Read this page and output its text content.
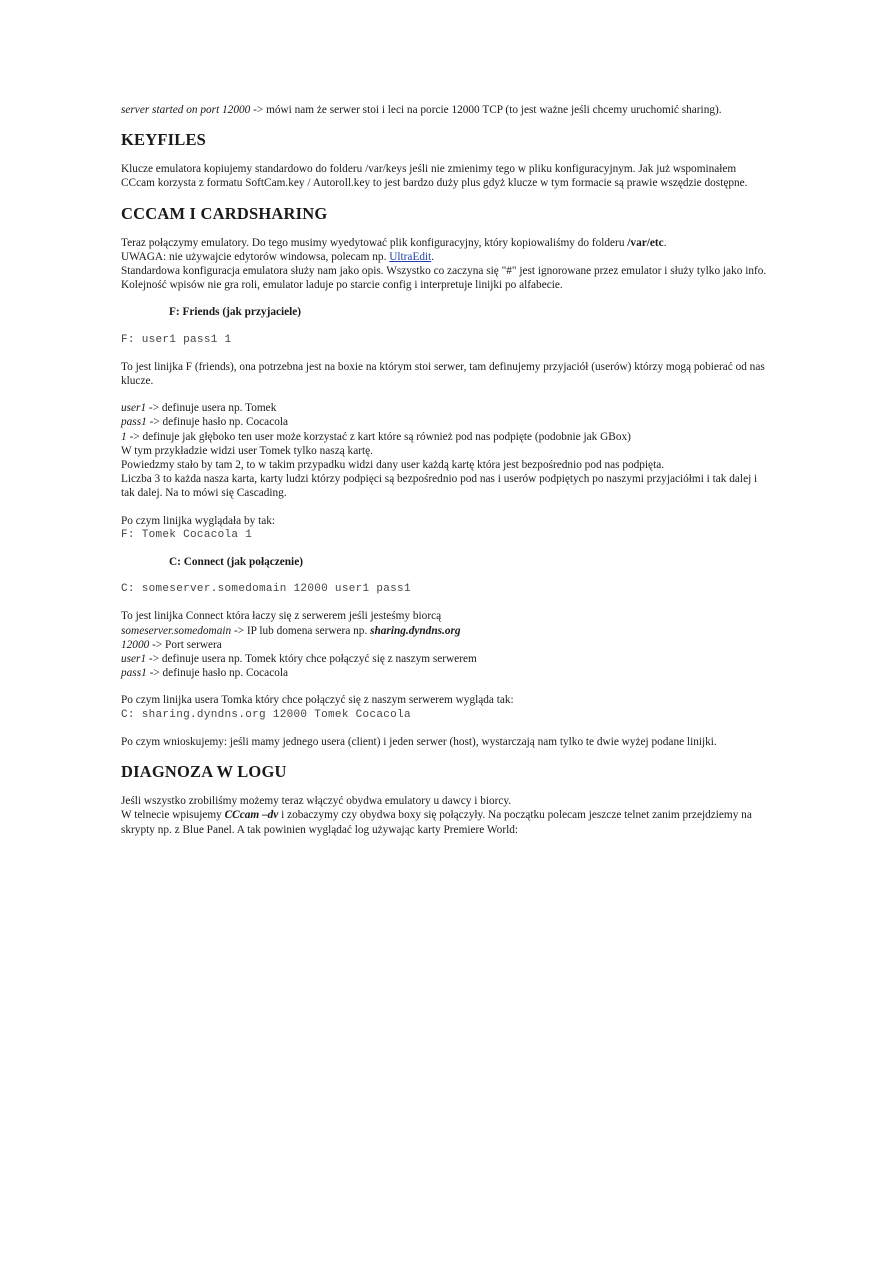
server started on port 12000 -> mówi nam że serwer stoi i leci na porcie 12000 TCP (to jest ważne jeśli chcemy uruchomić sharing).

KEYFILES

Klucze emulatora kopiujemy standardowo do folderu /var/keys jeśli nie zmienimy tego w pliku konfiguracyjnym. Jak już wspominałem CCcam korzysta z formatu SoftCam.key / Autoroll.key to jest bardzo duży plus gdyż klucze w tym formacie są prawie wszędzie dostępne.

CCCAM I CARDSHARING

Teraz połączymy emulatory. Do tego musimy wyedytować plik konfiguracyjny, który kopiowaliśmy do folderu /var/etc.

UWAGA: nie używajcie edytorów windowsa, polecam np. UltraEdit.

Standardowa konfiguracja emulatora służy nam jako opis. Wszystko co zaczyna się "#" jest ignorowane przez emulator i służy tylko jako info.

Kolejność wpisów nie gra roli, emulator laduje po starcie config i interpretuje linijki po alfabecie.

F: Friends (jak przyjaciele)

F: user1 pass1 1

To jest linijka F (friends), ona potrzebna jest na boxie na którym stoi serwer, tam definujemy przyjaciół (userów) którzy mogą pobierać od nas klucze.

user1 -> definuje usera np. Tomek

pass1 -> definuje hasło np. Cocacola

1 -> definuje jak głęboko ten user może korzystać z kart które są również pod nas podpięte (podobnie jak GBox)

W tym przykładzie widzi user Tomek tylko naszą kartę.

Powiedzmy stało by tam 2, to w takim przypadku widzi dany user każdą kartę która jest bezpośrednio pod nas podpięta.

Liczba 3 to każda nasza karta, karty ludzi którzy podpięci są bezpośrednio pod nas i userów podpiętych po naszymi przyjaciółmi i tak dalej i tak dalej. Na to mówi się Cascading.

Po czym linijka wyglądała by tak:

F: Tomek Cocacola 1

C: Connect (jak połączenie)

C: someserver.somedomain 12000 user1 pass1

To jest linijka Connect która łaczy się z serwerem jeśli jesteśmy biorcą

someserver.somedomain -> IP lub domena serwera np. sharing.dyndns.org

12000 -> Port serwera

user1 -> definuje usera np. Tomek który chce połączyć się z naszym serwerem

pass1 -> definuje hasło np. Cocacola

Po czym linijka usera Tomka który chce połączyć się z naszym serwerem wygląda tak:

C: sharing.dyndns.org 12000 Tomek Cocacola

Po czym wnioskujemy: jeśli mamy jednego usera (client) i jeden serwer (host), wystarczają nam tylko te dwie wyżej podane linijki.

DIAGNOZA W LOGU

Jeśli wszystko zrobiliśmy możemy teraz włączyć obydwa emulatory u dawcy i biorcy.

W telnecie wpisujemy CCcam –dv i zobaczymy czy obydwa boxy się połączyły. Na początku polecam jeszcze telnet zanim przejdziemy na skrypty np. z Blue Panel. A tak powinien wyglądać log używając karty Premiere World:
